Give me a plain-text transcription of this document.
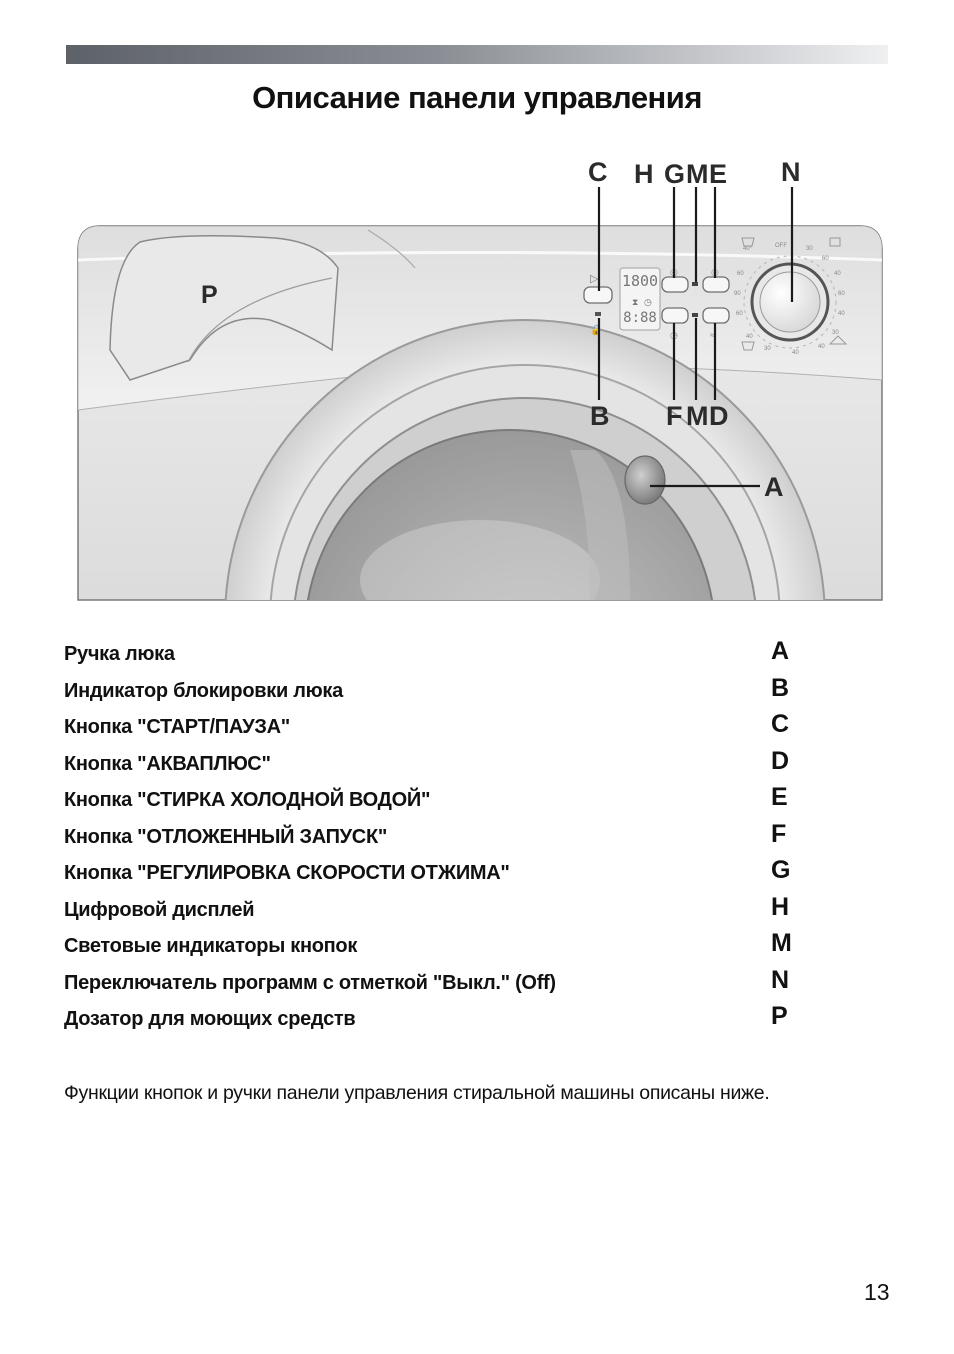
Описание панели управления
▷
🔒
1800
⧗ ◷
8:88
◎	◎
◷	≈
40°	OFF	30
60
40
60
40
30
40
40
30
40
60
90
60
C H G M E N
B F M D
A
P
Ручка люка	A
Индикатор блокировки люка	B
Кнопка "СТАРТ/ПАУЗА"	C
Кнопка "АКВАПЛЮС"	D
Кнопка "СТИРКА ХОЛОДНОЙ ВОДОЙ"	E
Кнопка "ОТЛОЖЕННЫЙ ЗАПУСК"	F
Кнопка "РЕГУЛИРОВКА СКОРОСТИ ОТЖИМА"	G
Цифровой дисплей	H
Световые индикаторы кнопок	M
Переключатель программ с отметкой "Выкл." (Off)	N
Дозатор для моющих средств	P
Функции кнопок и ручки панели управления стиральной машины описаны ниже.
13
